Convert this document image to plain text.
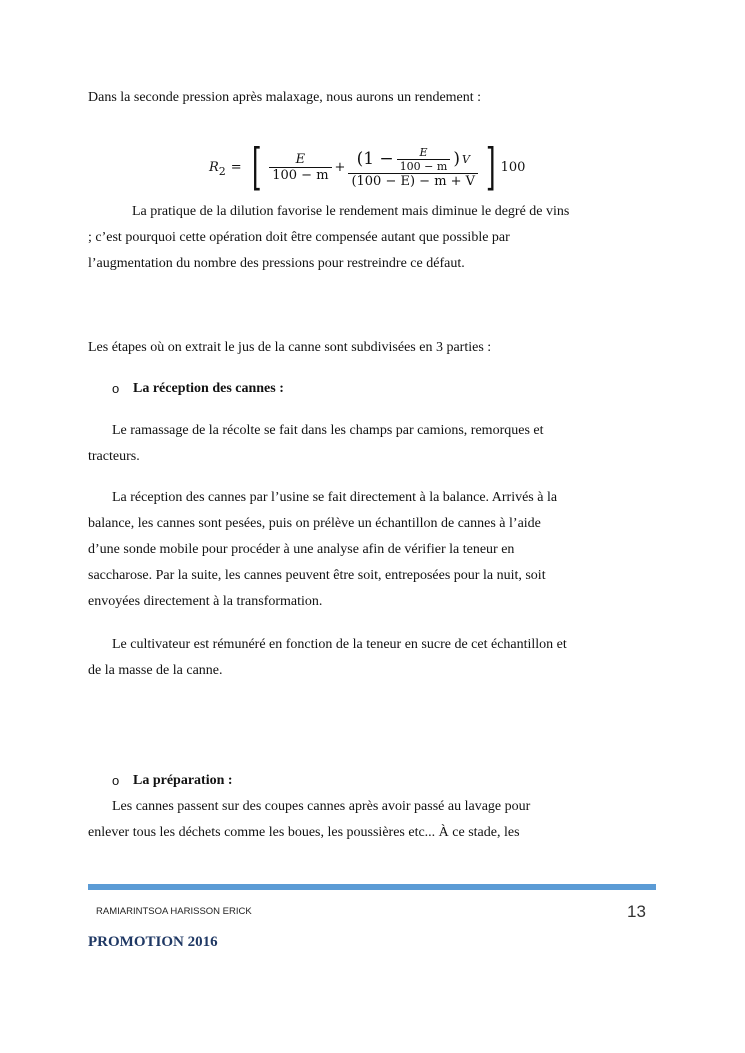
Dans la seconde pression après malaxage, nous aurons un rendement :
R 2 = [ $\frac{E}{100 - m} + (1 - \frac{E}{100 - m}$ ) V
(100 − E) − m + V ] 100
La pratique de la dilution favorise le rendement mais diminue le degré de vins
; c’est pourquoi cette opération doit être compensée autant que possible par
l’augmentation du nombre des pressions pour restreindre ce défaut.
Les étapes où on extrait le jus de la canne sont subdivisées en 3 parties :
o La réception des cannes :
Le ramassage de la récolte se fait dans les champs par camions, remorques et
tracteurs.
La réception des cannes par l’usine se fait directement à la balance. Arrivés à la
balance, les cannes sont pesées, puis on prélève un échantillon de cannes à l’aide
d’une sonde mobile pour procéder à une analyse afin de vérifier la teneur en
saccharose. Par la suite, les cannes peuvent être soit, entreposées pour la nuit, soit
envoyées directement à la transformation.
Le cultivateur est rémunéré en fonction de la teneur en sucre de cet échantillon et
de la masse de la canne.
o La préparation :
Les cannes passent sur des coupes cannes après avoir passé au lavage pour
enlever tous les déchets comme les boues, les poussières etc... À ce stade, les
RAMIARINTSOA HARISSON ERICK	13
PROMOTION 2016
